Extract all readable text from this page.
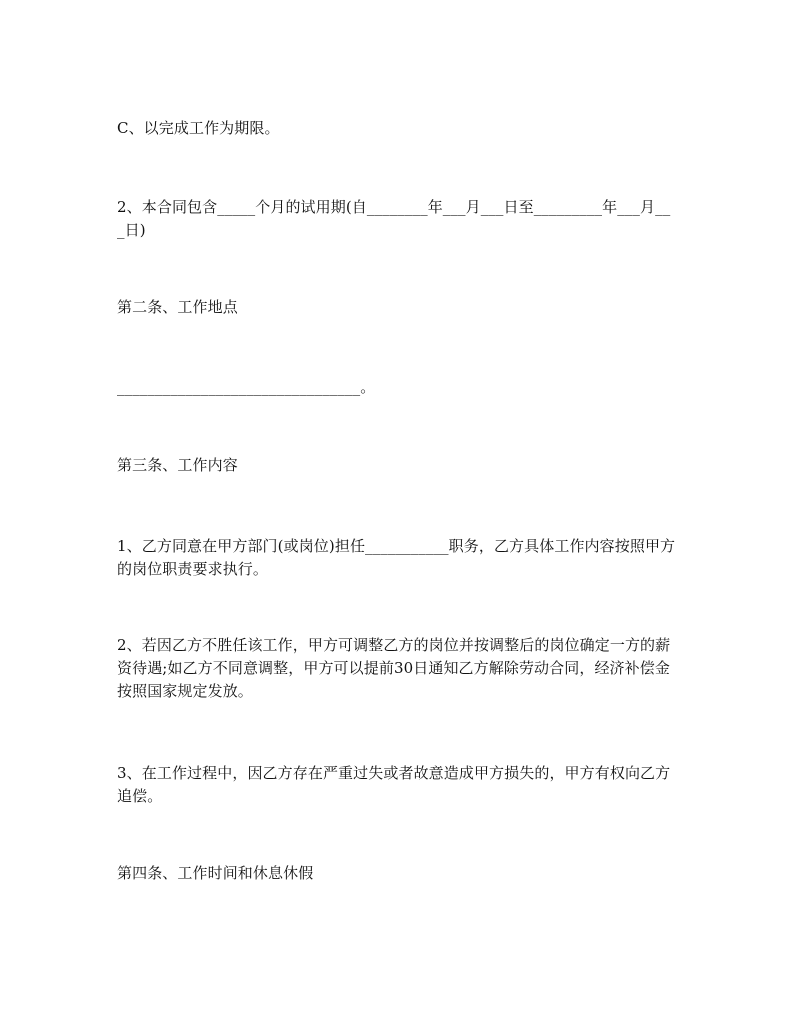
C、以完成工作为期限。

2、本合同包含_____个月的试用期(自________年___月___日至_________年___月___日)

第二条、工作地点

________________________________。

第三条、工作内容

1、乙方同意在甲方部门(或岗位)担任___________职务，乙方具体工作内容按照甲方的岗位职责要求执行。

2、若因乙方不胜任该工作，甲方可调整乙方的岗位并按调整后的岗位确定一方的薪资待遇;如乙方不同意调整，甲方可以提前30日通知乙方解除劳动合同，经济补偿金按照国家规定发放。

3、在工作过程中，因乙方存在严重过失或者故意造成甲方损失的，甲方有权向乙方追偿。

第四条、工作时间和休息休假
